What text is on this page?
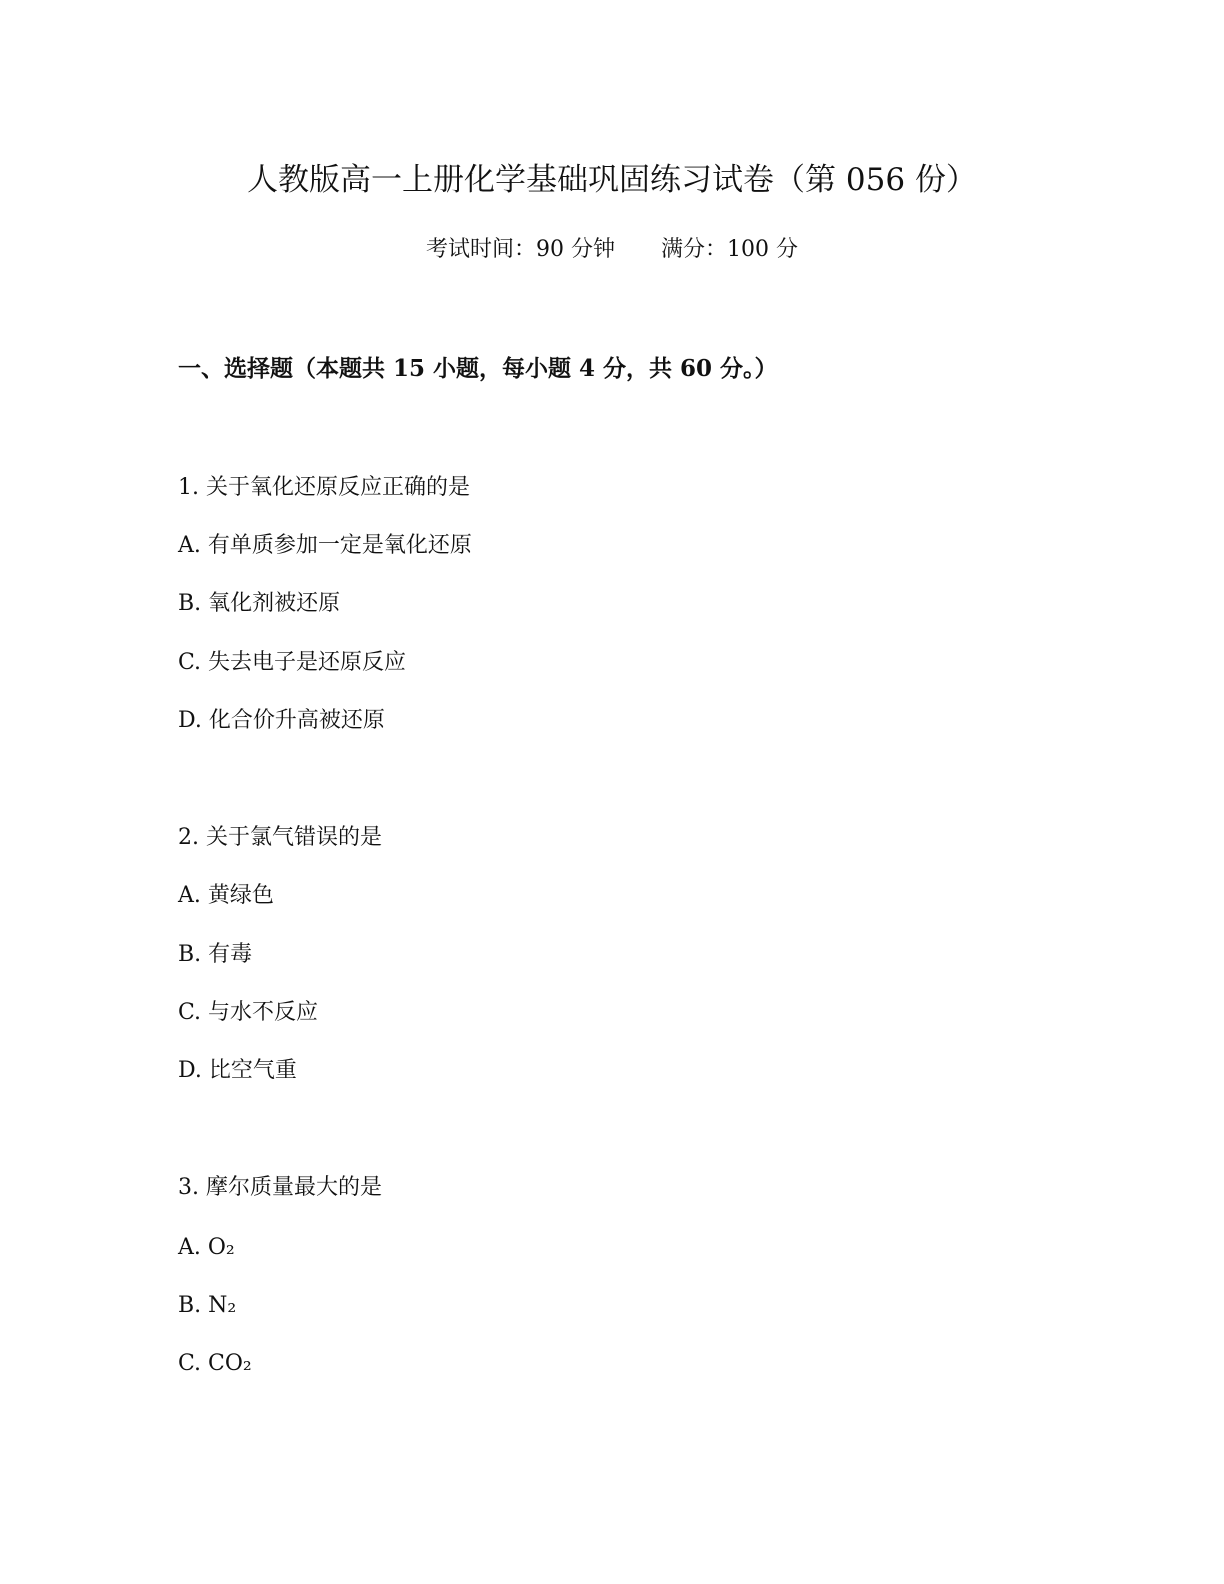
人教版高一上册化学基础巩固练习试卷（第 056 份）
考试时间：90 分钟 满分：100 分
一、选择题（本题共 15 小题，每小题 4 分，共 60 分。）
1. 关于氧化还原反应正确的是
A. 有单质参加一定是氧化还原
B. 氧化剂被还原
C. 失去电子是还原反应
D. 化合价升高被还原
2. 关于氯气错误的是
A. 黄绿色
B. 有毒
C. 与水不反应
D. 比空气重
3. 摩尔质量最大的是
A. O₂
B. N₂
C. CO₂
